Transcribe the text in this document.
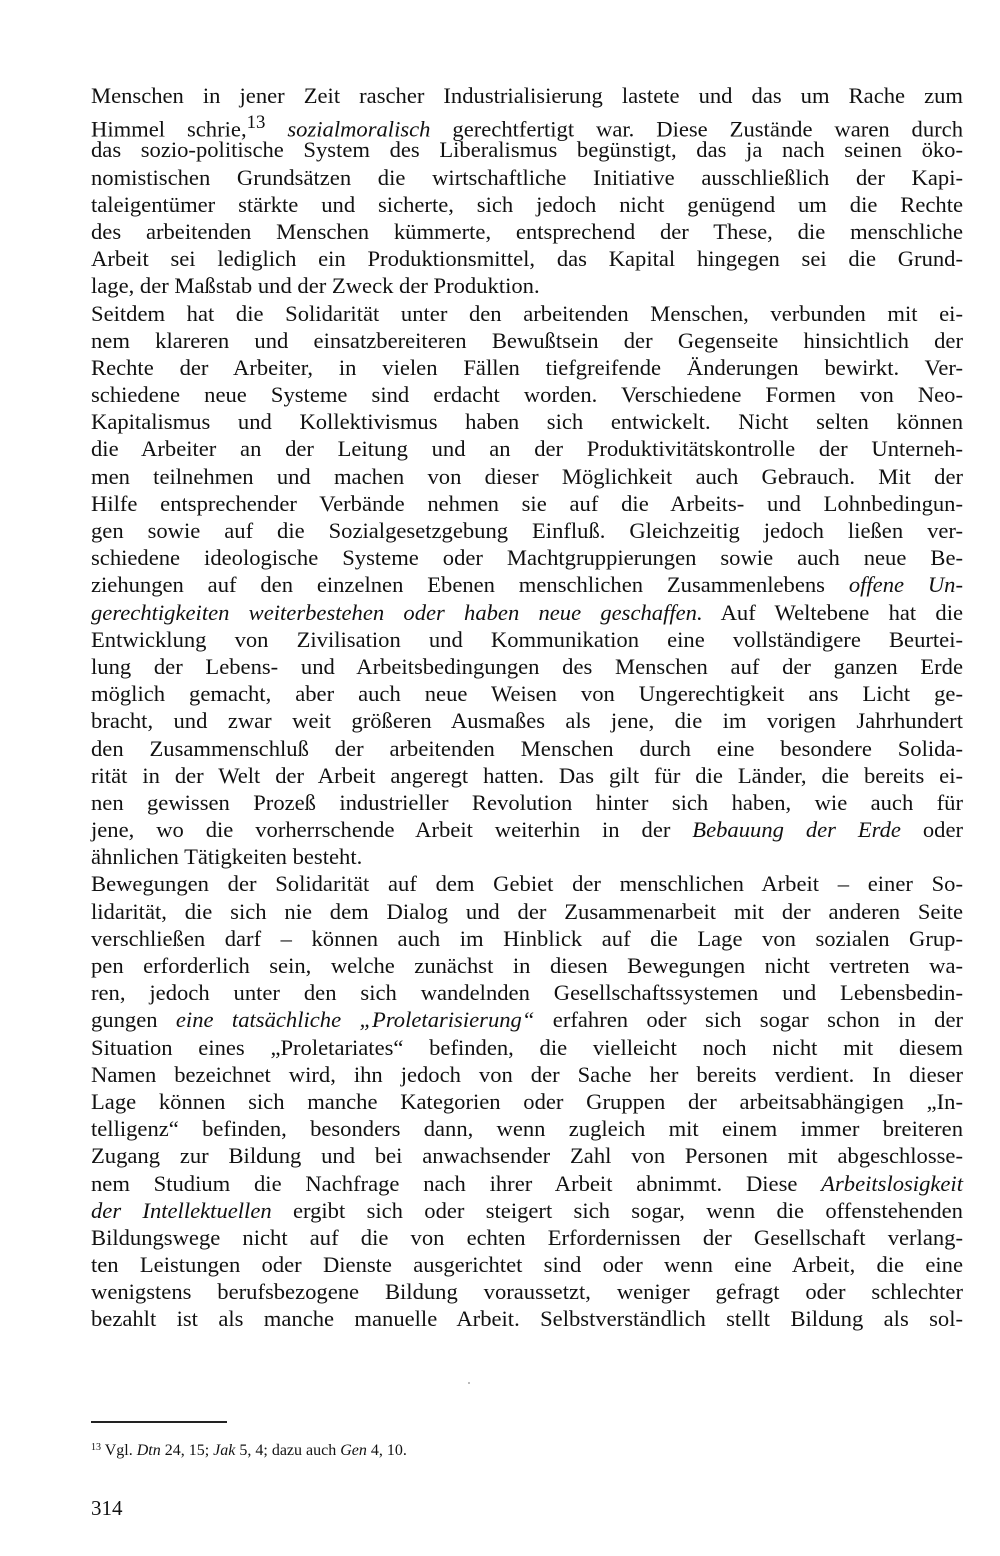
Menschen in jener Zeit rascher Industrialisierung lastete und das um Rache zum
Himmel schrie,$^{13}$ sozialmoralisch gerechtfertigt war. Diese Zustände waren durch
das sozio-politische System des Liberalismus begünstigt, das ja nach seinen öko-
nomistischen Grundsätzen die wirtschaftliche Initiative ausschließlich der Kapi-
taleigentümer stärkte und sicherte, sich jedoch nicht genügend um die Rechte
des arbeitenden Menschen kümmerte, entsprechend der These, die menschliche
Arbeit sei lediglich ein Produktionsmittel, das Kapital hingegen sei die Grund-
lage, der Maßstab und der Zweck der Produktion.
Seitdem hat die Solidarität unter den arbeitenden Menschen, verbunden mit ei-
nem klareren und einsatzbereiteren Bewußtsein der Gegenseite hinsichtlich der
Rechte der Arbeiter, in vielen Fällen tiefgreifende Änderungen bewirkt. Ver-
schiedene neue Systeme sind erdacht worden. Verschiedene Formen von Neo-
Kapitalismus und Kollektivismus haben sich entwickelt. Nicht selten können
die Arbeiter an der Leitung und an der Produktivitätskontrolle der Unterneh-
men teilnehmen und machen von dieser Möglichkeit auch Gebrauch. Mit der
Hilfe entsprechender Verbände nehmen sie auf die Arbeits- und Lohnbedingun-
gen sowie auf die Sozialgesetzgebung Einfluß. Gleichzeitig jedoch ließen ver-
schiedene ideologische Systeme oder Machtgruppierungen sowie auch neue Be-
ziehungen auf den einzelnen Ebenen menschlichen Zusammenlebens offene Un-
gerechtigkeiten weiterbestehen oder haben neue geschaffen. Auf Weltebene hat die
Entwicklung von Zivilisation und Kommunikation eine vollständigere Beurtei-
lung der Lebens- und Arbeitsbedingungen des Menschen auf der ganzen Erde
möglich gemacht, aber auch neue Weisen von Ungerechtigkeit ans Licht ge-
bracht, und zwar weit größeren Ausmaßes als jene, die im vorigen Jahrhundert
den Zusammenschluß der arbeitenden Menschen durch eine besondere Solida-
rität in der Welt der Arbeit angeregt hatten. Das gilt für die Länder, die bereits ei-
nen gewissen Prozeß industrieller Revolution hinter sich haben, wie auch für
jene, wo die vorherrschende Arbeit weiterhin in der Bebauung der Erde oder
ähnlichen Tätigkeiten besteht.
Bewegungen der Solidarität auf dem Gebiet der menschlichen Arbeit – einer So-
lidarität, die sich nie dem Dialog und der Zusammenarbeit mit der anderen Seite
verschließen darf – können auch im Hinblick auf die Lage von sozialen Grup-
pen erforderlich sein, welche zunächst in diesen Bewegungen nicht vertreten wa-
ren, jedoch unter den sich wandelnden Gesellschaftssystemen und Lebensbedin-
gungen eine tatsächliche „Proletarisierung“ erfahren oder sich sogar schon in der
Situation eines „Proletariates“ befinden, die vielleicht noch nicht mit diesem
Namen bezeichnet wird, ihn jedoch von der Sache her bereits verdient. In dieser
Lage können sich manche Kategorien oder Gruppen der arbeitsabhängigen „In-
telligenz“ befinden, besonders dann, wenn zugleich mit einem immer breiteren
Zugang zur Bildung und bei anwachsender Zahl von Personen mit abgeschlosse-
nem Studium die Nachfrage nach ihrer Arbeit abnimmt. Diese Arbeitslosigkeit
der Intellektuellen ergibt sich oder steigert sich sogar, wenn die offenstehenden
Bildungswege nicht auf die von echten Erfordernissen der Gesellschaft verlang-
ten Leistungen oder Dienste ausgerichtet sind oder wenn eine Arbeit, die eine
wenigstens berufsbezogene Bildung voraussetzt, weniger gefragt oder schlechter
bezahlt ist als manche manuelle Arbeit. Selbstverständlich stellt Bildung als sol-
$^{13}$ Vgl. Dtn 24, 15; Jak 5, 4; dazu auch Gen 4, 10.
314
